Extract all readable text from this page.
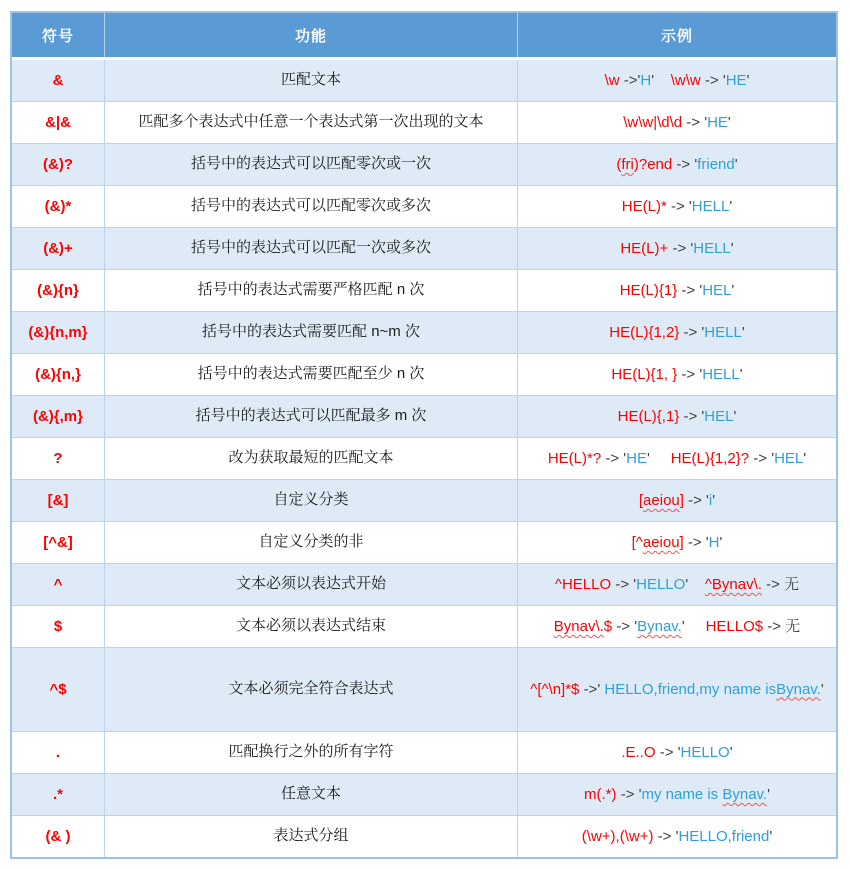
符号	功能	示例
&	匹配文本	\w ->' H ' \w\w -> ' HE '
&|&	匹配多个表达式中任意一个表达式第一次出现的文本	\w\w|\d\d -> ' HE '
(&)?	括号中的表达式可以匹配零次或一次	( fri )?end -> ' friend '
(&)*	括号中的表达式可以匹配零次或多次	HE(L)* -> ' HELL '
(&)+	括号中的表达式可以匹配一次或多次	HE(L)+ -> ' HELL '
(&){n}	括号中的表达式需要严格匹配 n 次	HE(L){1} -> ' HEL '
(&){n,m}	括号中的表达式需要匹配 n~m 次	HE(L){1,2} -> ' HELL '
(&){n,}	括号中的表达式需要匹配至少 n 次	HE(L){1, } -> ' HELL '
(&){,m}	括号中的表达式可以匹配最多 m 次	HE(L){,1} -> ' HEL '
?	改为获取最短的匹配文本	HE(L)*? -> ' HE ' HE(L){1,2}? -> ' HEL '
[&]	自定义分类	[ aeiou ] -> ' i '
[^&]	自定义分类的非	[^ aeiou ] -> ' H '
^	文本必须以表达式开始	^HELLO -> ' HELLO ' ^Bynav\. -> 无
$	文本必须以表达式结束	Bynav\. $ -> ' Bynav. ' HELLO$ -> 无
^$	文本必须完全符合表达式	^[^\n]*$ ->' HELLO,friend,my name is Bynav. '
.	匹配换行之外的所有字符	.E..O -> ' HELLO '
.*	任意文本	m(.*) -> ' my name is Bynav. '
(& )	表达式分组	(\w+),(\w+) -> ' HELLO,friend '
